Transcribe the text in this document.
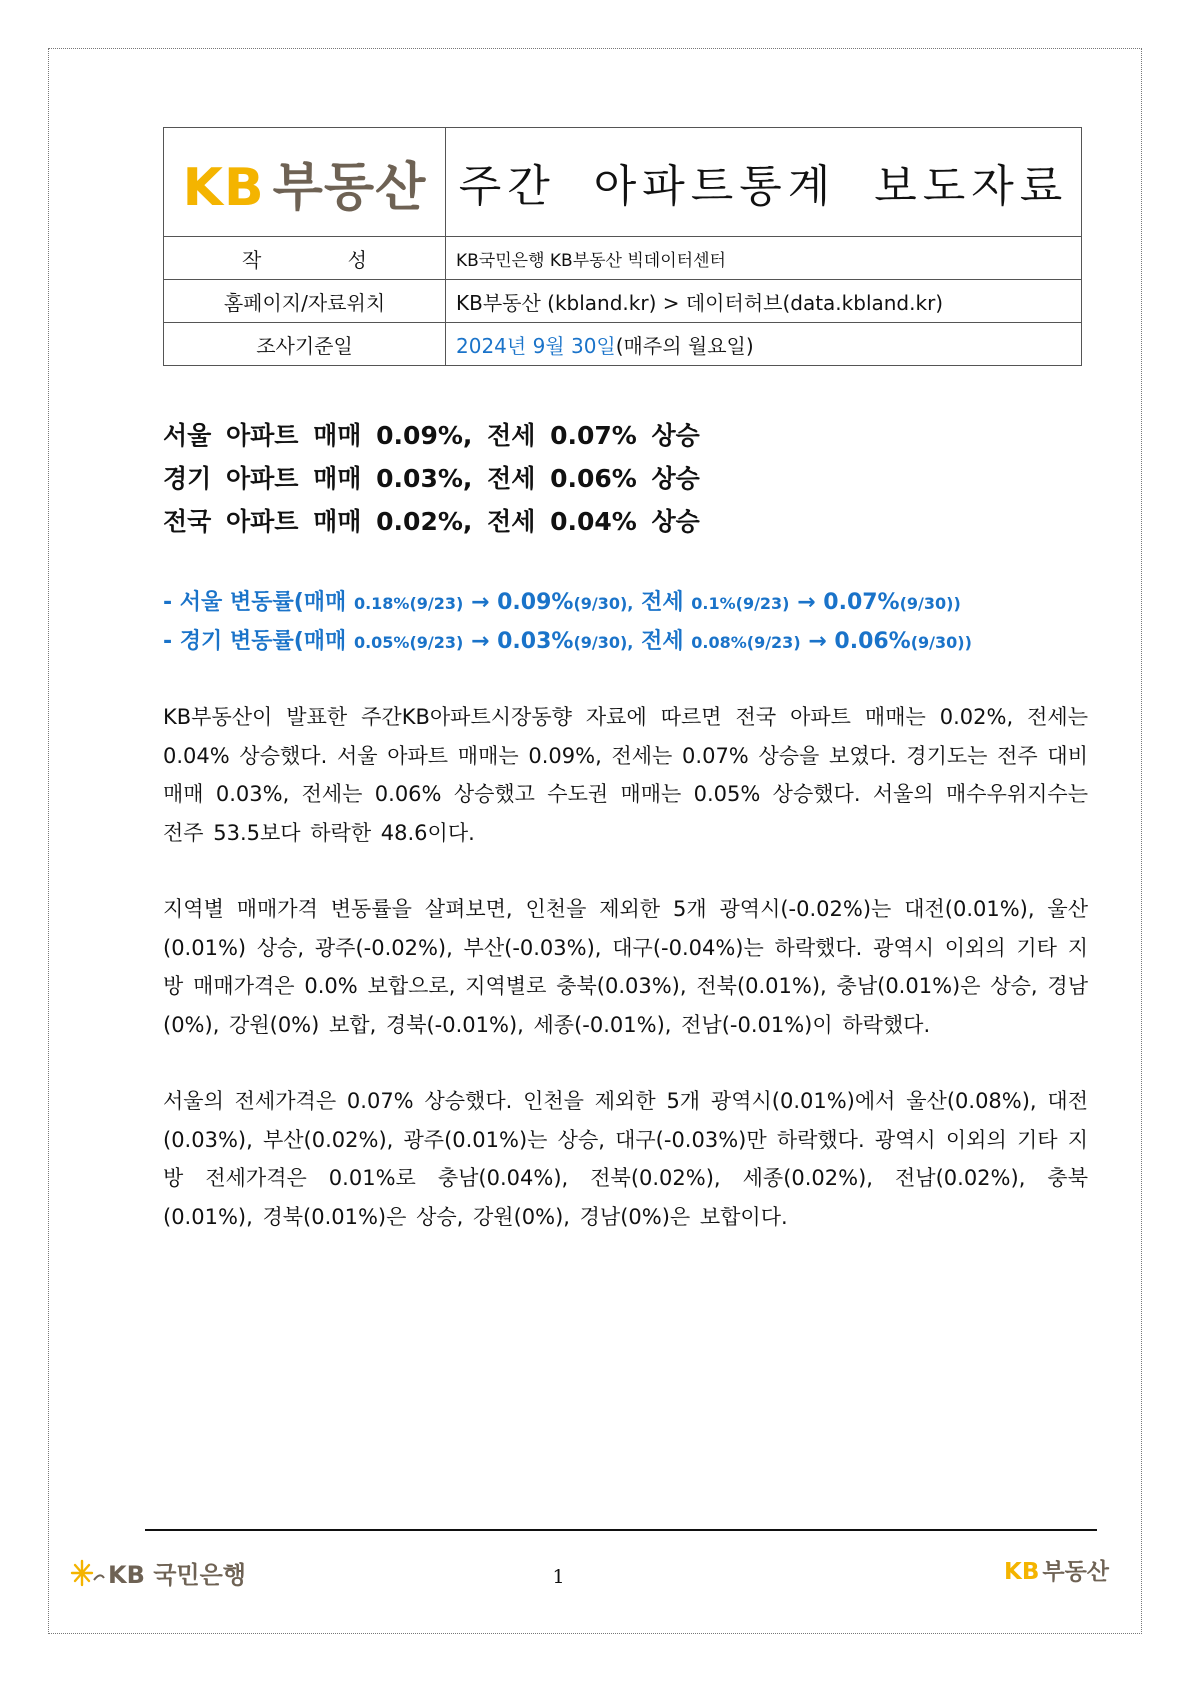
KB 부동산	주간 아파트통계 보도자료
작 성	KB국민은행 KB부동산 빅데이터센터
홈페이지/자료위치	KB부동산 (kbland.kr) > 데이터허브(data.kbland.kr)
조사기준일	2024년 9월 30일(매주의 월요일)
서울 아파트 매매 0.09%, 전세 0.07% 상승
경기 아파트 매매 0.03%, 전세 0.06% 상승
전국 아파트 매매 0.02%, 전세 0.04% 상승
- 서울 변동률(매매 0.18%(9/23) → 0.09%(9/30), 전세 0.1%(9/23) → 0.07%(9/30))
- 경기 변동률(매매 0.05%(9/23) → 0.03%(9/30), 전세 0.08%(9/23) → 0.06%(9/30))
KB부동산이 발표한 주간KB아파트시장동향 자료에 따르면 전국 아파트 매매는 0.02%, 전세는 0.04% 상승했다. 서울 아파트 매매는 0.09%, 전세는 0.07% 상승을 보였다. 경기도는 전주 대비 매매 0.03%, 전세는 0.06% 상승했고 수도권 매매는 0.05% 상승했다. 서울의 매수우위지수는 전주 53.5보다 하락한 48.6이다.
지역별 매매가격 변동률을 살펴보면, 인천을 제외한 5개 광역시(-0.02%)는 대전(0.01%), 울산(0.01%) 상승, 광주(-0.02%), 부산(-0.03%), 대구(-0.04%)는 하락했다. 광역시 이외의 기타 지방 매매가격은 0.0% 보합으로, 지역별로 충북(0.03%), 전북(0.01%), 충남(0.01%)은 상승, 경남(0%), 강원(0%) 보합, 경북(-0.01%), 세종(-0.01%), 전남(-0.01%)이 하락했다.
서울의 전세가격은 0.07% 상승했다. 인천을 제외한 5개 광역시(0.01%)에서 울산(0.08%), 대전(0.03%), 부산(0.02%), 광주(0.01%)는 상승, 대구(-0.03%)만 하락했다. 광역시 이외의 기타 지방 전세가격은 0.01%로 충남(0.04%), 전북(0.02%), 세종(0.02%), 전남(0.02%), 충북(0.01%), 경북(0.01%)은 상승, 강원(0%), 경남(0%)은 보합이다.
KB 국민은행	1	KB 부동산
